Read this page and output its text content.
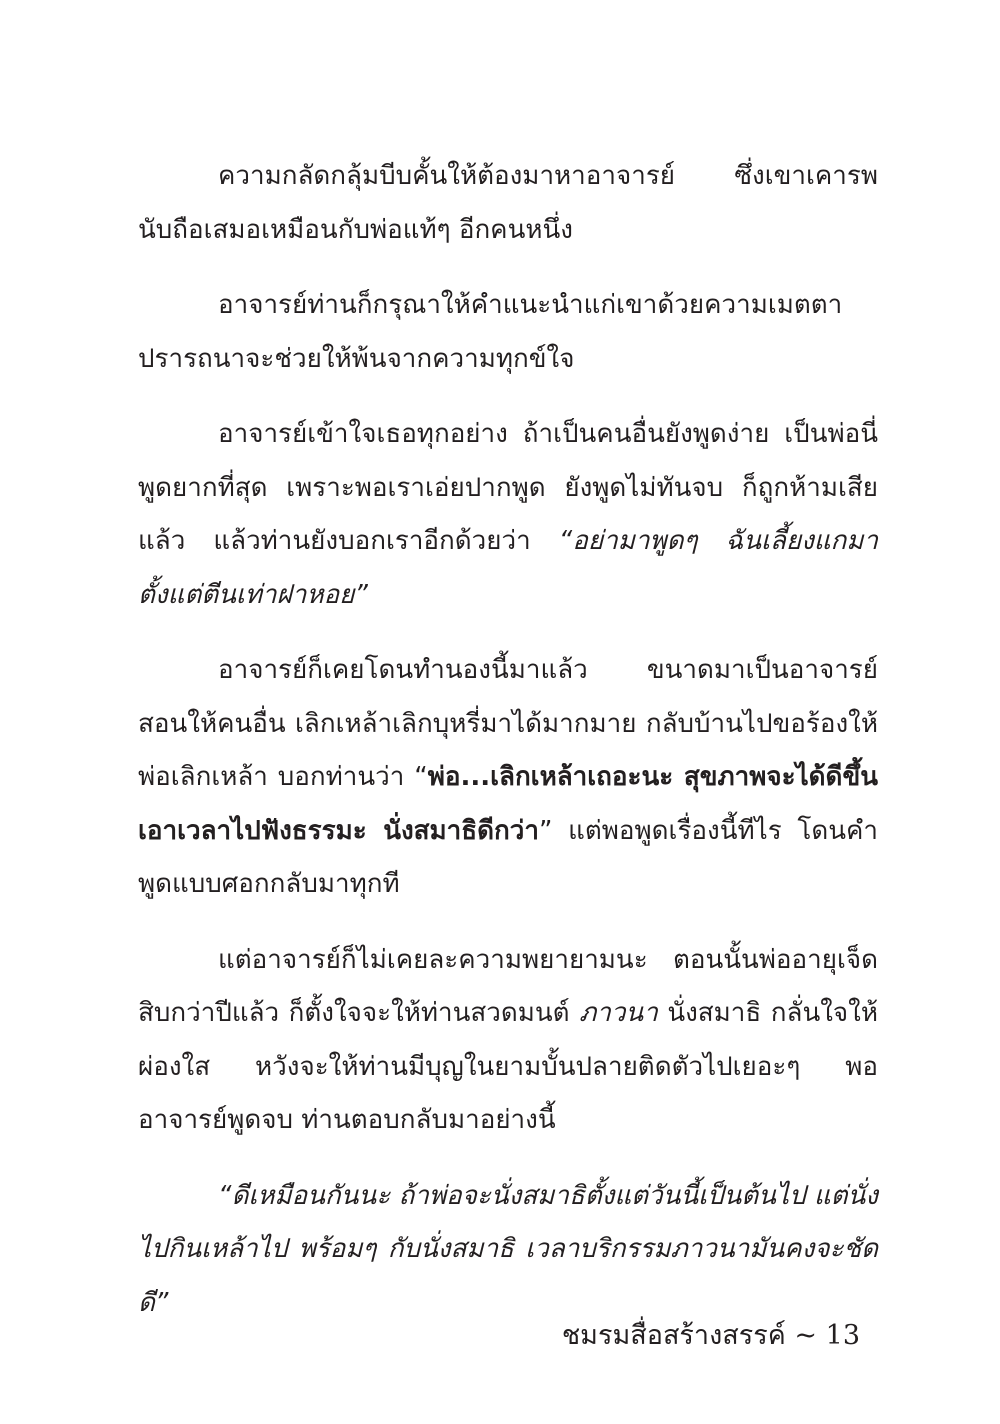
ความกลัดกลุ้มบีบคั้นให้ต้องมาหาอาจารย์ ซึ่งเขาเคารพนับถือเสมอเหมือนกับพ่อแท้ๆ อีกคนหนึ่ง

อาจารย์ท่านก็กรุณาให้คำแนะนำแก่เขาด้วยความเมตตา ปรารถนาจะช่วยให้พ้นจากความทุกข์ใจ

อาจารย์เข้าใจเธอทุกอย่าง ถ้าเป็นคนอื่นยังพูดง่าย เป็นพ่อนี่พูดยากที่สุด เพราะพอเราเอ่ยปากพูด ยังพูดไม่ทันจบ ก็ถูกห้ามเสียแล้ว แล้วท่านยังบอกเราอีกด้วยว่า “อย่ามาพูดๆ ฉันเลี้ยงแกมาตั้งแต่ตีนเท่าฝาหอย”

อาจารย์ก็เคยโดนทำนองนี้มาแล้ว ขนาดมาเป็นอาจารย์ สอนให้คนอื่น เลิกเหล้าเลิกบุหรี่มาได้มากมาย กลับบ้านไปขอร้องให้พ่อเลิกเหล้า บอกท่านว่า “พ่อ...เลิกเหล้าเถอะนะ สุขภาพจะได้ดีขึ้น เอาเวลาไปฟังธรรมะ นั่งสมาธิดีกว่า” แต่พอพูดเรื่องนี้ทีไร โดนคำพูดแบบศอกกลับมาทุกที

แต่อาจารย์ก็ไม่เคยละความพยายามนะ ตอนนั้นพ่ออายุเจ็ดสิบกว่าปีแล้ว ก็ตั้งใจจะให้ท่านสวดมนต์ ภาวนา นั่งสมาธิ กลั่นใจให้ผ่องใส หวังจะให้ท่านมีบุญในยามบั้นปลายติดตัวไปเยอะๆ พออาจารย์พูดจบ ท่านตอบกลับมาอย่างนี้

“ดีเหมือนกันนะ ถ้าพ่อจะนั่งสมาธิตั้งแต่วันนี้เป็นต้นไป แต่นั่งไปกินเหล้าไป พร้อมๆ กับนั่งสมาธิ เวลาบริกรรมภาวนามันคงจะชัดดี”

ชมรมสื่อสร้างสรรค์ ~ 13
